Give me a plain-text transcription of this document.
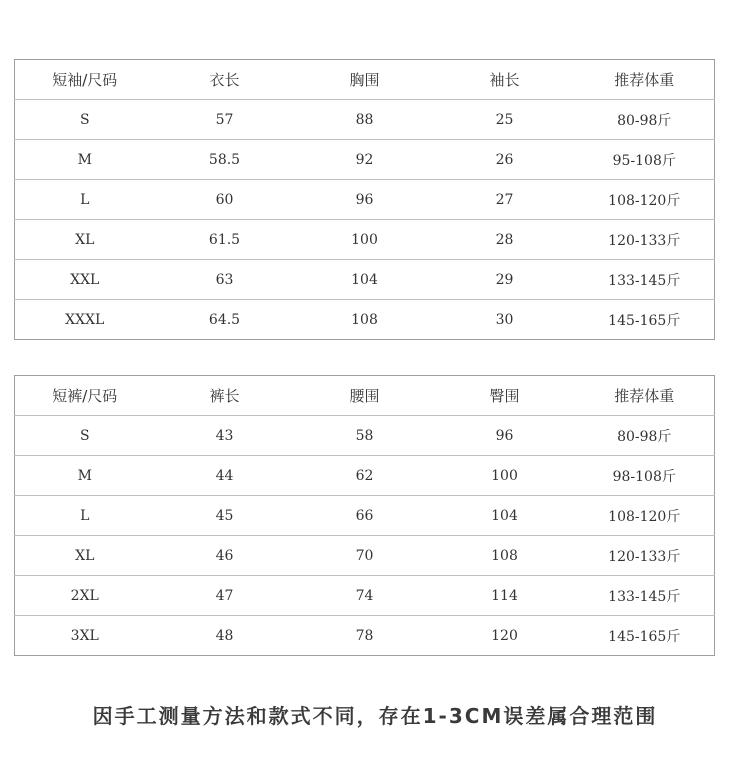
短袖/尺码	衣长	胸围	袖长	推荐体重
S	57	88	25	80-98斤
M	58.5	92	26	95-108斤
L	60	96	27	108-120斤
XL	61.5	100	28	120-133斤
XXL	63	104	29	133-145斤
XXXL	64.5	108	30	145-165斤
短裤/尺码	裤长	腰围	臀围	推荐体重
S	43	58	96	80-98斤
M	44	62	100	98-108斤
L	45	66	104	108-120斤
XL	46	70	108	120-133斤
2XL	47	74	114	133-145斤
3XL	48	78	120	145-165斤
因手工测量方法和款式不同，存在1-3CM误差属合理范围
